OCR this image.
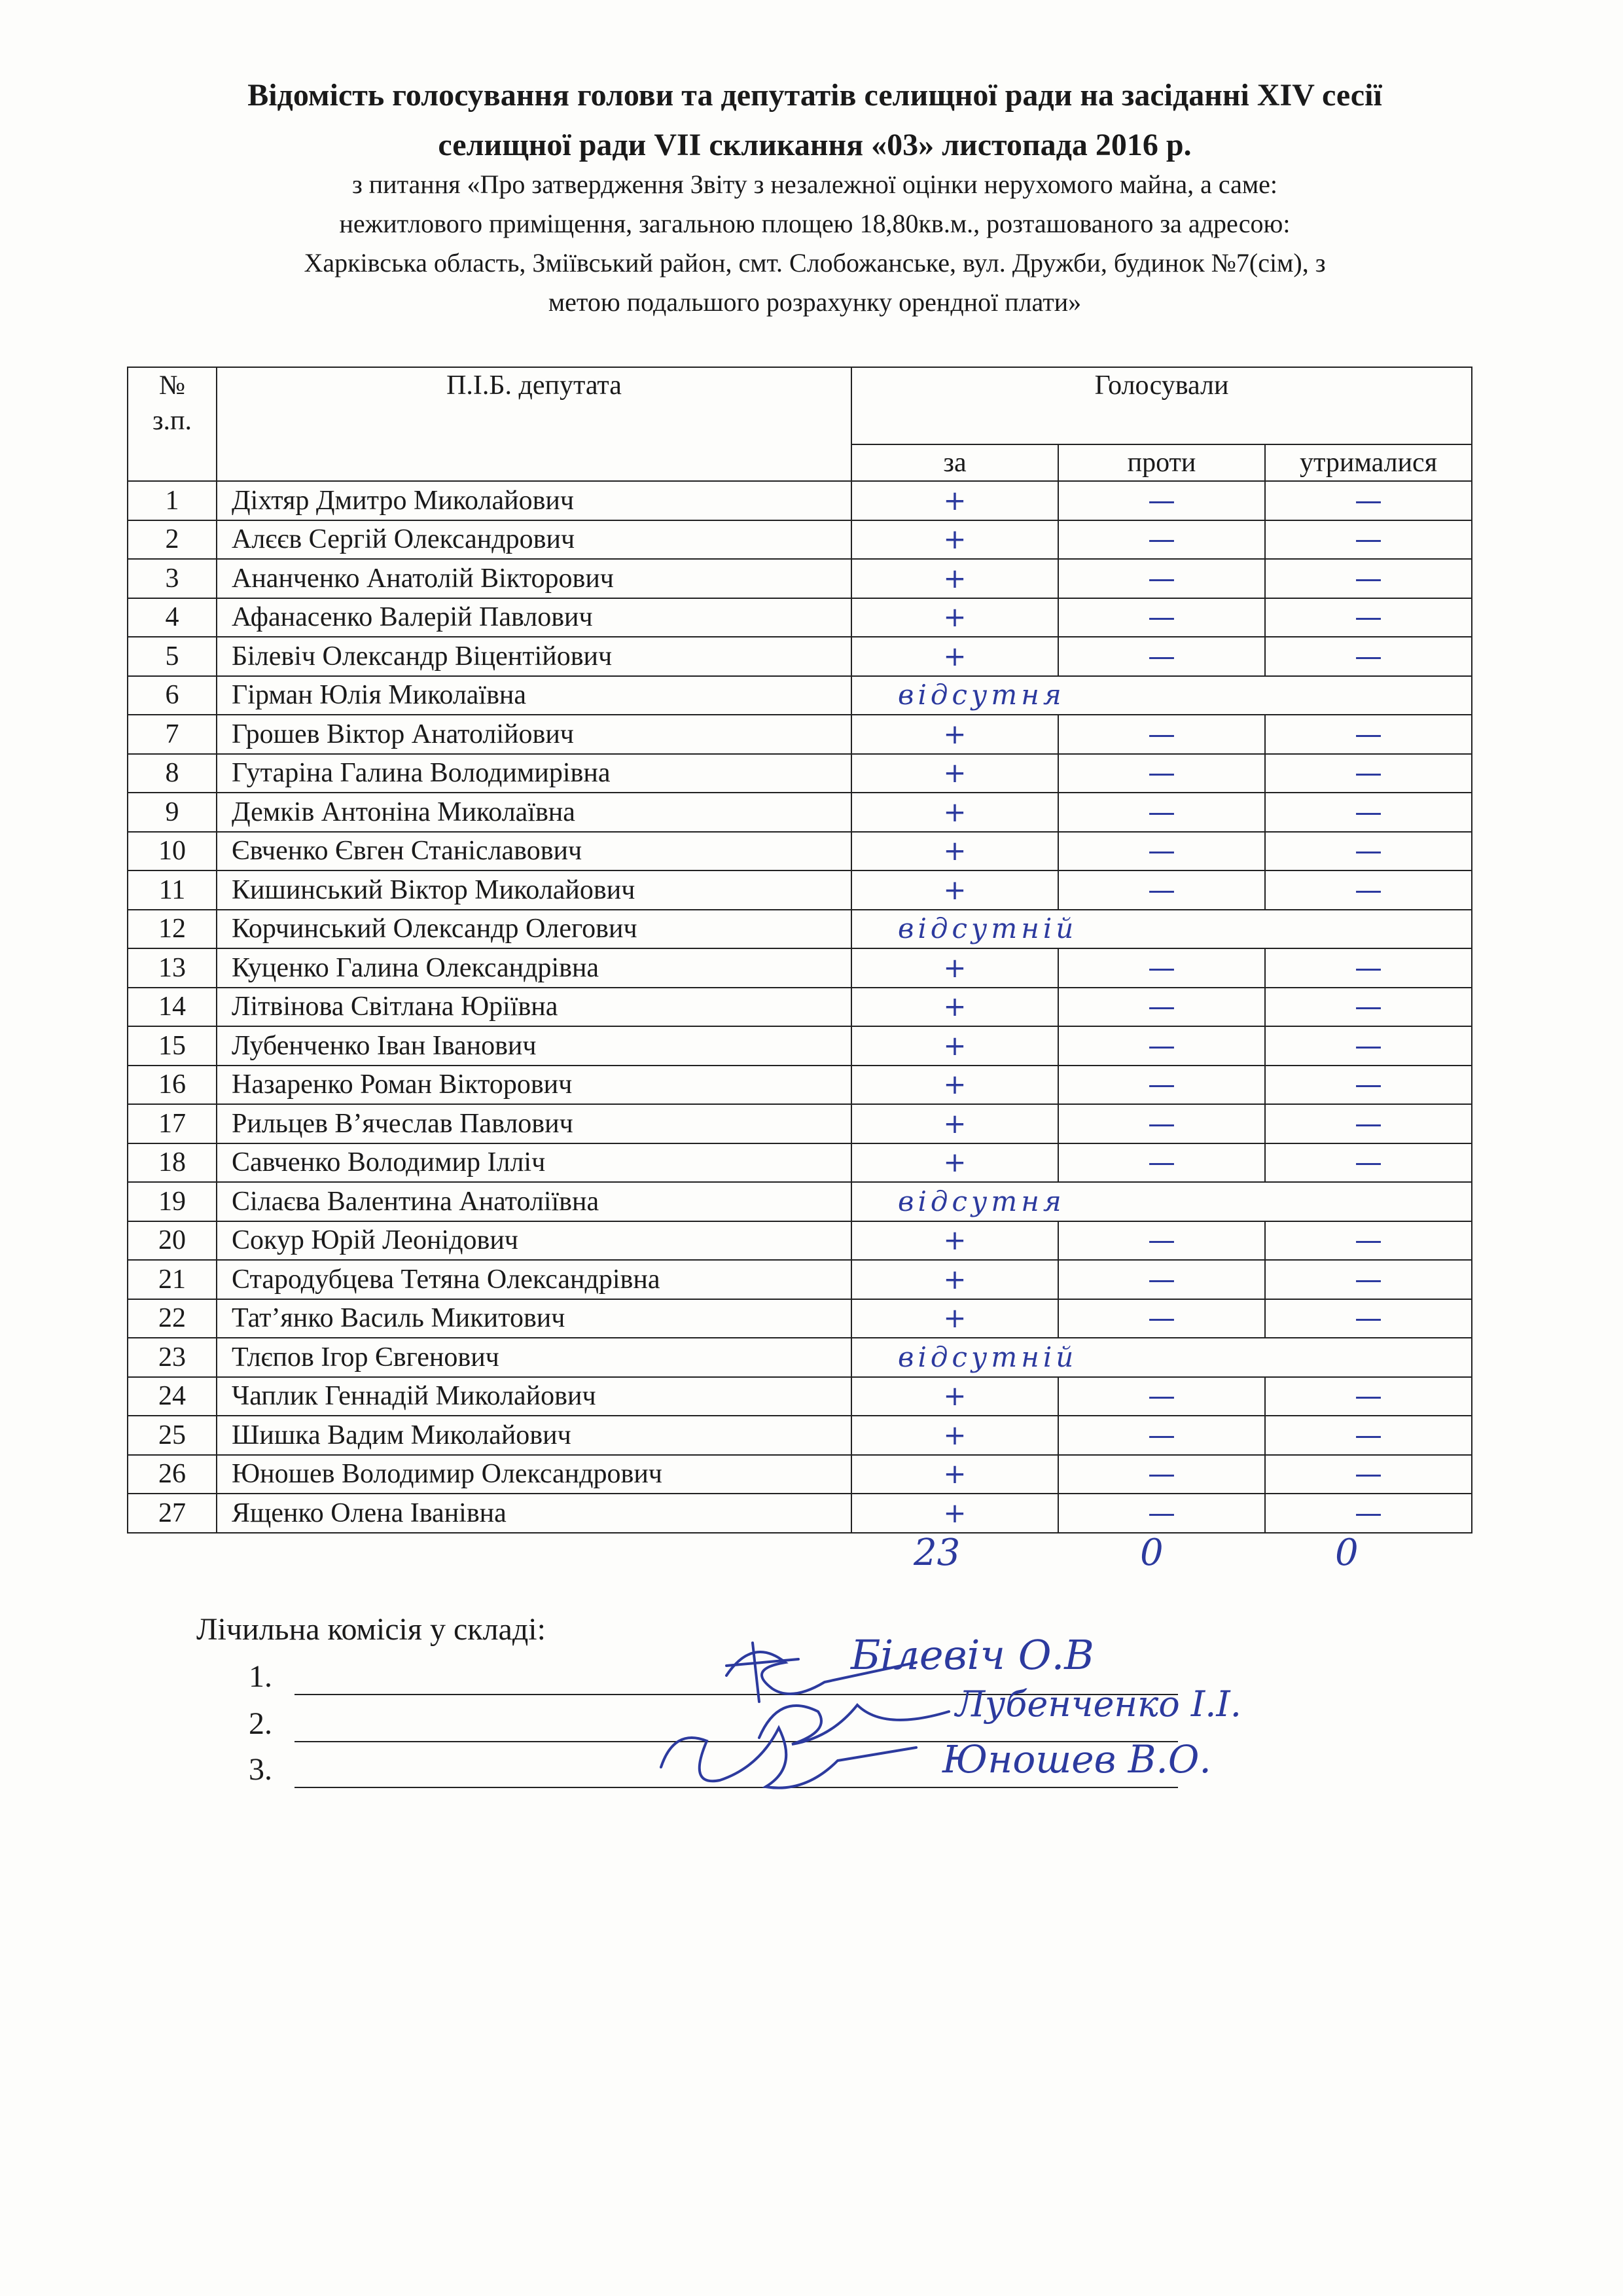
Відомість голосування голови та депутатів селищної ради на засіданні XIV сесії
селищної ради VII скликання «03» листопада 2016 р.
з питання «Про затвердження Звіту з незалежної оцінки нерухомого майна, а саме:
нежитлового приміщення, загальною площею 18,80кв.м., розташованого за адресою:
Харківська область, Зміївський район, смт. Слобожанське, вул. Дружби, будинок №7(сім), з
метою подальшого розрахунку орендної плати»
№
з.п.	П.І.Б. депутата	Голосували		
		за	проти	утрималися
1	Діхтяр Дмитро Миколайович	+	—	—
2	Алєєв Сергій Олександрович	+	—	—
3	Ананченко Анатолій Вікторович	+	—	—
4	Афанасенко Валерій Павлович	+	—	—
5	Білевіч Олександр Віцентійович	+	—	—
6	Гірман Юлія Миколаївна	вiдсутня		
7	Грошев Віктор Анатолійович	+	—	—
8	Гутаріна Галина Володимирівна	+	—	—
9	Демків Антоніна Миколаївна	+	—	—
10	Євченко Євген Станіславович	+	—	—
11	Кишинський Віктор Миколайович	+	—	—
12	Корчинський Олександр Олегович	вiдсутнiй		
13	Куценко Галина Олександрівна	+	—	—
14	Літвінова Світлана Юріївна	+	—	—
15	Лубенченко Іван Іванович	+	—	—
16	Назаренко Роман Вікторович	+	—	—
17	Рильцев В’ячеслав Павлович	+	—	—
18	Савченко Володимир Ілліч	+	—	—
19	Сілаєва Валентина Анатоліївна	вiдсутня		
20	Сокур Юрій Леонідович	+	—	—
21	Стародубцева Тетяна Олександрівна	+	—	—
22	Тат’янко Василь Микитович	+	—	—
23	Тлєпов Ігор Євгенович	вiдсутнiй		
24	Чаплик Геннадій Миколайович	+	—	—
25	Шишка Вадим Миколайович	+	—	—
26	Юношев Володимир Олександрович	+	—	—
27	Ященко Олена Іванівна	+	—	—
23	0	0
Лічильна комісія у складі:
1.
2.
3.
Білевіч О.В
Лубенченко І.І.
Юношев В.О.
